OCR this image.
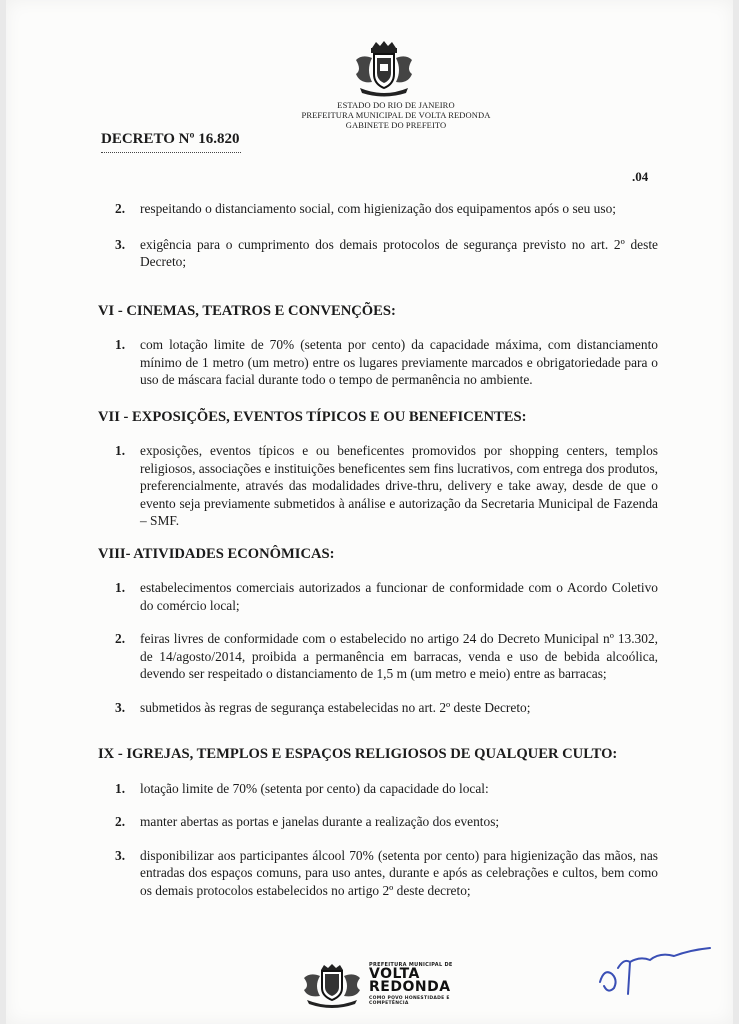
ESTADO DO RIO DE JANEIRO
PREFEITURA MUNICIPAL DE VOLTA REDONDA
GABINETE DO PREFEITO
DECRETO Nº 16.820
.04
2.	respeitando o distanciamento social, com higienização dos equipamentos após o seu uso;
3.	exigência para o cumprimento dos demais protocolos de segurança previsto no art. 2º deste Decreto;
VI - CINEMAS, TEATROS E CONVENÇÕES:
1.	com lotação limite de 70% (setenta por cento) da capacidade máxima, com distanciamento mínimo de 1 metro (um metro) entre os lugares previamente marcados e obrigatoriedade para o uso de máscara facial durante todo o tempo de permanência no ambiente.
VII - EXPOSIÇÕES, EVENTOS TÍPICOS E OU BENEFICENTES:
1.	exposições, eventos típicos e ou beneficentes promovidos por shopping centers, templos religiosos, associações e instituições beneficentes sem fins lucrativos, com entrega dos produtos, preferencialmente, através das modalidades drive-thru, delivery e take away, desde de que o evento seja previamente submetidos à análise e autorização da Secretaria Municipal de Fazenda – SMF.
VIII- ATIVIDADES ECONÔMICAS:
1.	estabelecimentos comerciais autorizados a funcionar de conformidade com o Acordo Coletivo do comércio local;
2.	feiras livres de conformidade com o estabelecido no artigo 24 do Decreto Municipal nº 13.302, de 14/agosto/2014, proibida a permanência em barracas, venda e uso de bebida alcoólica, devendo ser respeitado o distanciamento de 1,5 m (um metro e meio) entre as barracas;
3.	submetidos às regras de segurança estabelecidas no art. 2º deste Decreto;
IX - IGREJAS, TEMPLOS E ESPAÇOS RELIGIOSOS DE QUALQUER CULTO:
1.	lotação limite de 70% (setenta por cento) da capacidade do local:
2.	manter abertas as portas e janelas durante a realização dos eventos;
3.	disponibilizar aos participantes álcool 70% (setenta por cento) para higienização das mãos, nas entradas dos espaços comuns, para uso antes, durante e após as celebrações e cultos, bem como os demais protocolos estabelecidos no artigo 2º deste decreto;
PREFEITURA MUNICIPAL DE
VOLTA
REDONDA
COMO POVO HONESTIDADE E COMPETÊNCIA
